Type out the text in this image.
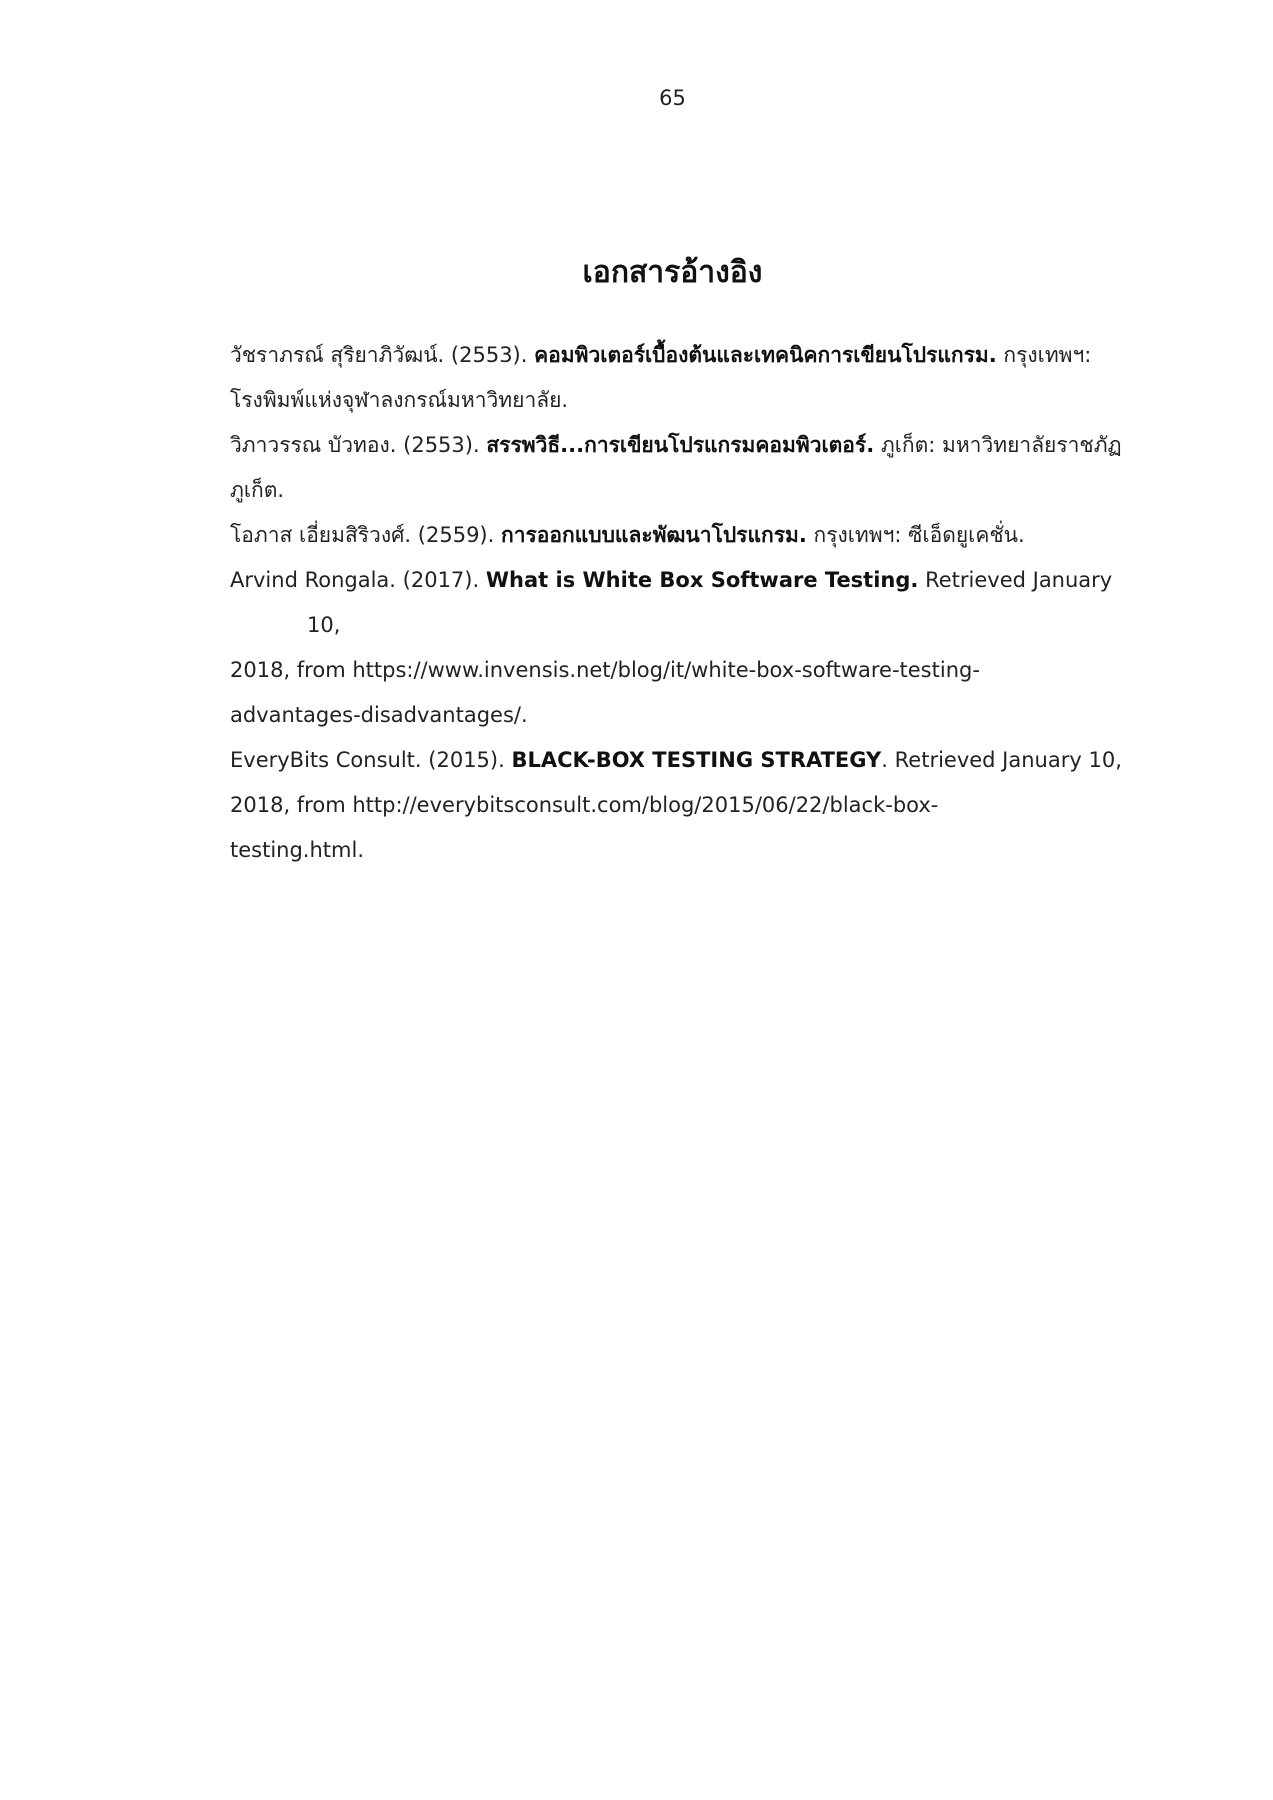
65
เอกสารอ้างอิง

วัชราภรณ์ สุริยาภิวัฒน์. (2553). คอมพิวเตอร์เบื้องต้นและเทคนิคการเขียนโปรแกรม. กรุงเทพฯ:
โรงพิมพ์แห่งจุฬาลงกรณ์มหาวิทยาลัย.

วิภาวรรณ บัวทอง. (2553). สรรพวิธี...การเขียนโปรแกรมคอมพิวเตอร์. ภูเก็ต: มหาวิทยาลัยราชภัฏ
ภูเก็ต.

โอภาส เอี่ยมสิริวงศ์. (2559). การออกแบบและพัฒนาโปรแกรม. กรุงเทพฯ: ซีเอ็ดยูเคชั่น.

Arvind Rongala. (2017). What is White Box Software Testing. Retrieved January 10,
2018, from https://www.invensis.net/blog/it/white-box-software-testing-
advantages-disadvantages/.

EveryBits Consult. (2015). BLACK-BOX TESTING STRATEGY. Retrieved January 10,
2018, from http://everybitsconsult.com/blog/2015/06/22/black-box-
testing.html.
